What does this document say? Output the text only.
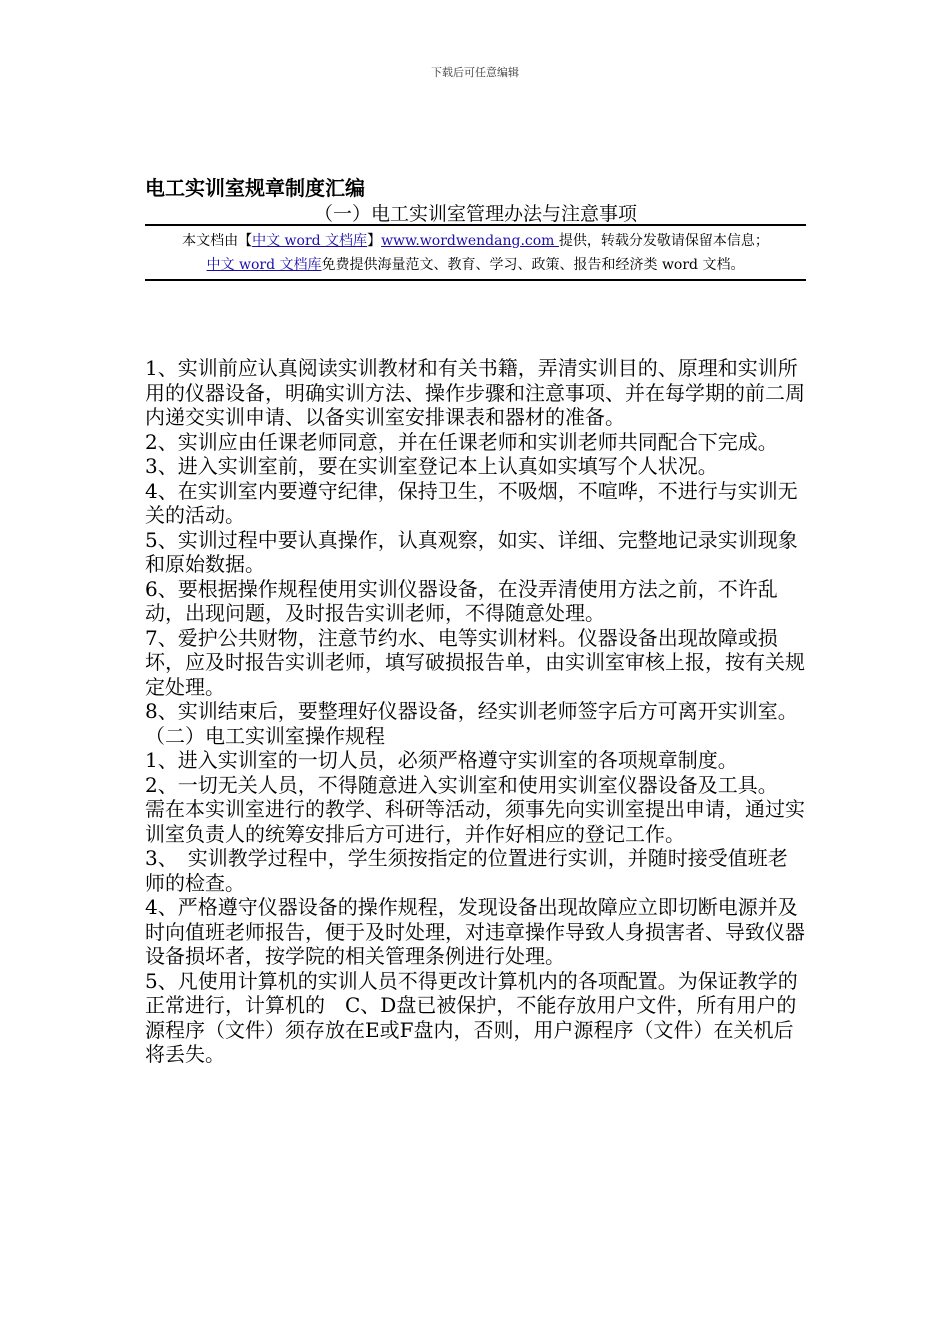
下载后可任意编辑
电工实训室规章制度汇编
（一）电工实训室管理办法与注意事项
本文档由【中文 word 文档库】www.wordwendang.com 提供，转载分发敬请保留本信息；
中文 word 文档库免费提供海量范文、教育、学习、政策、报告和经济类 word 文档。

1、实训前应认真阅读实训教材和有关书籍，弄清实训目的、原理和实训所用的仪器设备，明确实训方法、操作步骤和注意事项、并在每学期的前二周内递交实训申请、以备实训室安排课表和器材的准备。

2、实训应由任课老师同意，并在任课老师和实训老师共同配合下完成。

3、进入实训室前，要在实训室登记本上认真如实填写个人状况。

4、在实训室内要遵守纪律，保持卫生，不吸烟，不喧哗，不进行与实训无关的活动。

5、实训过程中要认真操作，认真观察，如实、详细、完整地记录实训现象和原始数据。

6、要根据操作规程使用实训仪器设备，在没弄清使用方法之前，不许乱动，出现问题，及时报告实训老师，不得随意处理。

7、爱护公共财物，注意节约水、电等实训材料。仪器设备出现故障或损坏，应及时报告实训老师，填写破损报告单，由实训室审核上报，按有关规定处理。

8、实训结束后，要整理好仪器设备，经实训老师签字后方可离开实训室。

（二）电工实训室操作规程

1、进入实训室的一切人员，必须严格遵守实训室的各项规章制度。

2、一切无关人员，不得随意进入实训室和使用实训室仪器设备及工具。　需在本实训室进行的教学、科研等活动，须事先向实训室提出申请，通过实训室负责人的统筹安排后方可进行，并作好相应的登记工作。

3、　实训教学过程中，学生须按指定的位置进行实训，并随时接受值班老师的检查。

4、严格遵守仪器设备的操作规程，发现设备出现故障应立即切断电源并及时向值班老师报告，便于及时处理，对违章操作导致人身损害者、导致仪器设备损坏者，按学院的相关管理条例进行处理。

5、凡使用计算机的实训人员不得更改计算机内的各项配置。为保证教学的正常进行，计算机的　C、D盘已被保护，不能存放用户文件，所有用户的源程序（文件）须存放在E或F盘内，否则，用户源程序（文件）在关机后将丢失。
